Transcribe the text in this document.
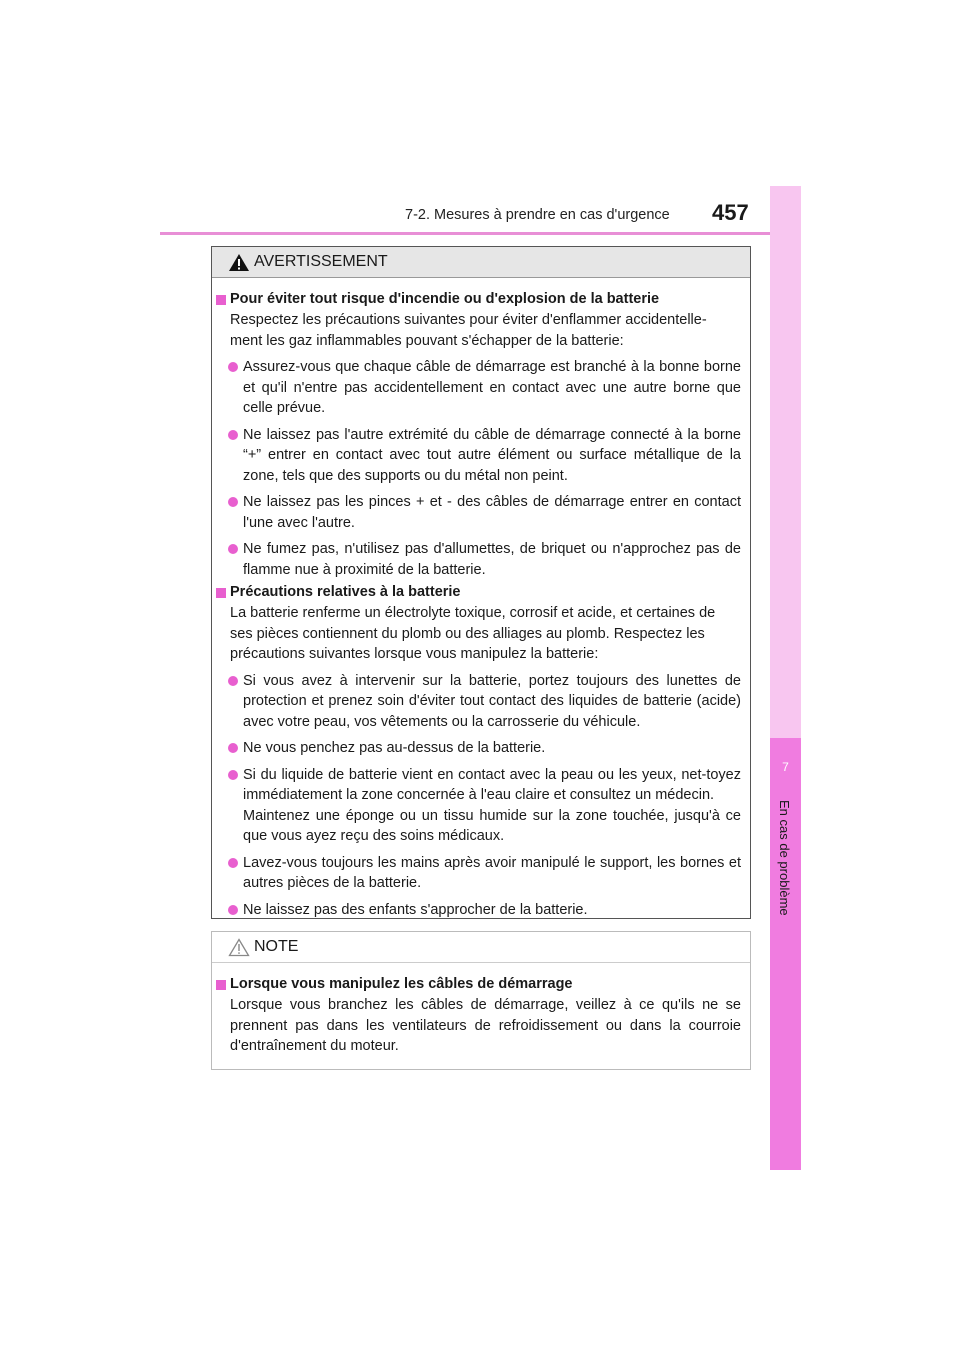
7-2. Mesures à prendre en cas d'urgence 457
7
En cas de problème
AVERTISSEMENT

Pour éviter tout risque d'incendie ou d'explosion de la batterie

Respectez les précautions suivantes pour éviter d'enflammer accidentelle-
ment les gaz inflammables pouvant s'échapper de la batterie:
Assurez-vous que chaque câble de démarrage est branché à la bonne borne et qu'il n'entre pas accidentellement en contact avec une autre borne que celle prévue.
Ne laissez pas l'autre extrémité du câble de démarrage connecté à la borne “+” entrer en contact avec tout autre élément ou surface métallique de la zone, tels que des supports ou du métal non peint.
Ne laissez pas les pinces + et - des câbles de démarrage entrer en contact l'une avec l'autre.
Ne fumez pas, n'utilisez pas d'allumettes, de briquet ou n'approchez pas de flamme nue à proximité de la batterie.

Précautions relatives à la batterie

La batterie renferme un électrolyte toxique, corrosif et acide, et certaines de
ses pièces contiennent du plomb ou des alliages au plomb. Respectez les
précautions suivantes lorsque vous manipulez la batterie:
Si vous avez à intervenir sur la batterie, portez toujours des lunettes de protection et prenez soin d'éviter tout contact des liquides de batterie (acide) avec votre peau, vos vêtements ou la carrosserie du véhicule.
Ne vous penchez pas au-dessus de la batterie.
Si du liquide de batterie vient en contact avec la peau ou les yeux, net-toyez immédiatement la zone concernée à l'eau claire et consultez un médecin.
Maintenez une éponge ou un tissu humide sur la zone touchée, jusqu'à ce que vous ayez reçu des soins médicaux.
Lavez-vous toujours les mains après avoir manipulé le support, les bornes et autres pièces de la batterie.
Ne laissez pas des enfants s'approcher de la batterie.
NOTE

Lorsque vous manipulez les câbles de démarrage

Lorsque vous branchez les câbles de démarrage, veillez à ce qu'ils ne se prennent pas dans les ventilateurs de refroidissement ou dans la courroie d'entraînement du moteur.
